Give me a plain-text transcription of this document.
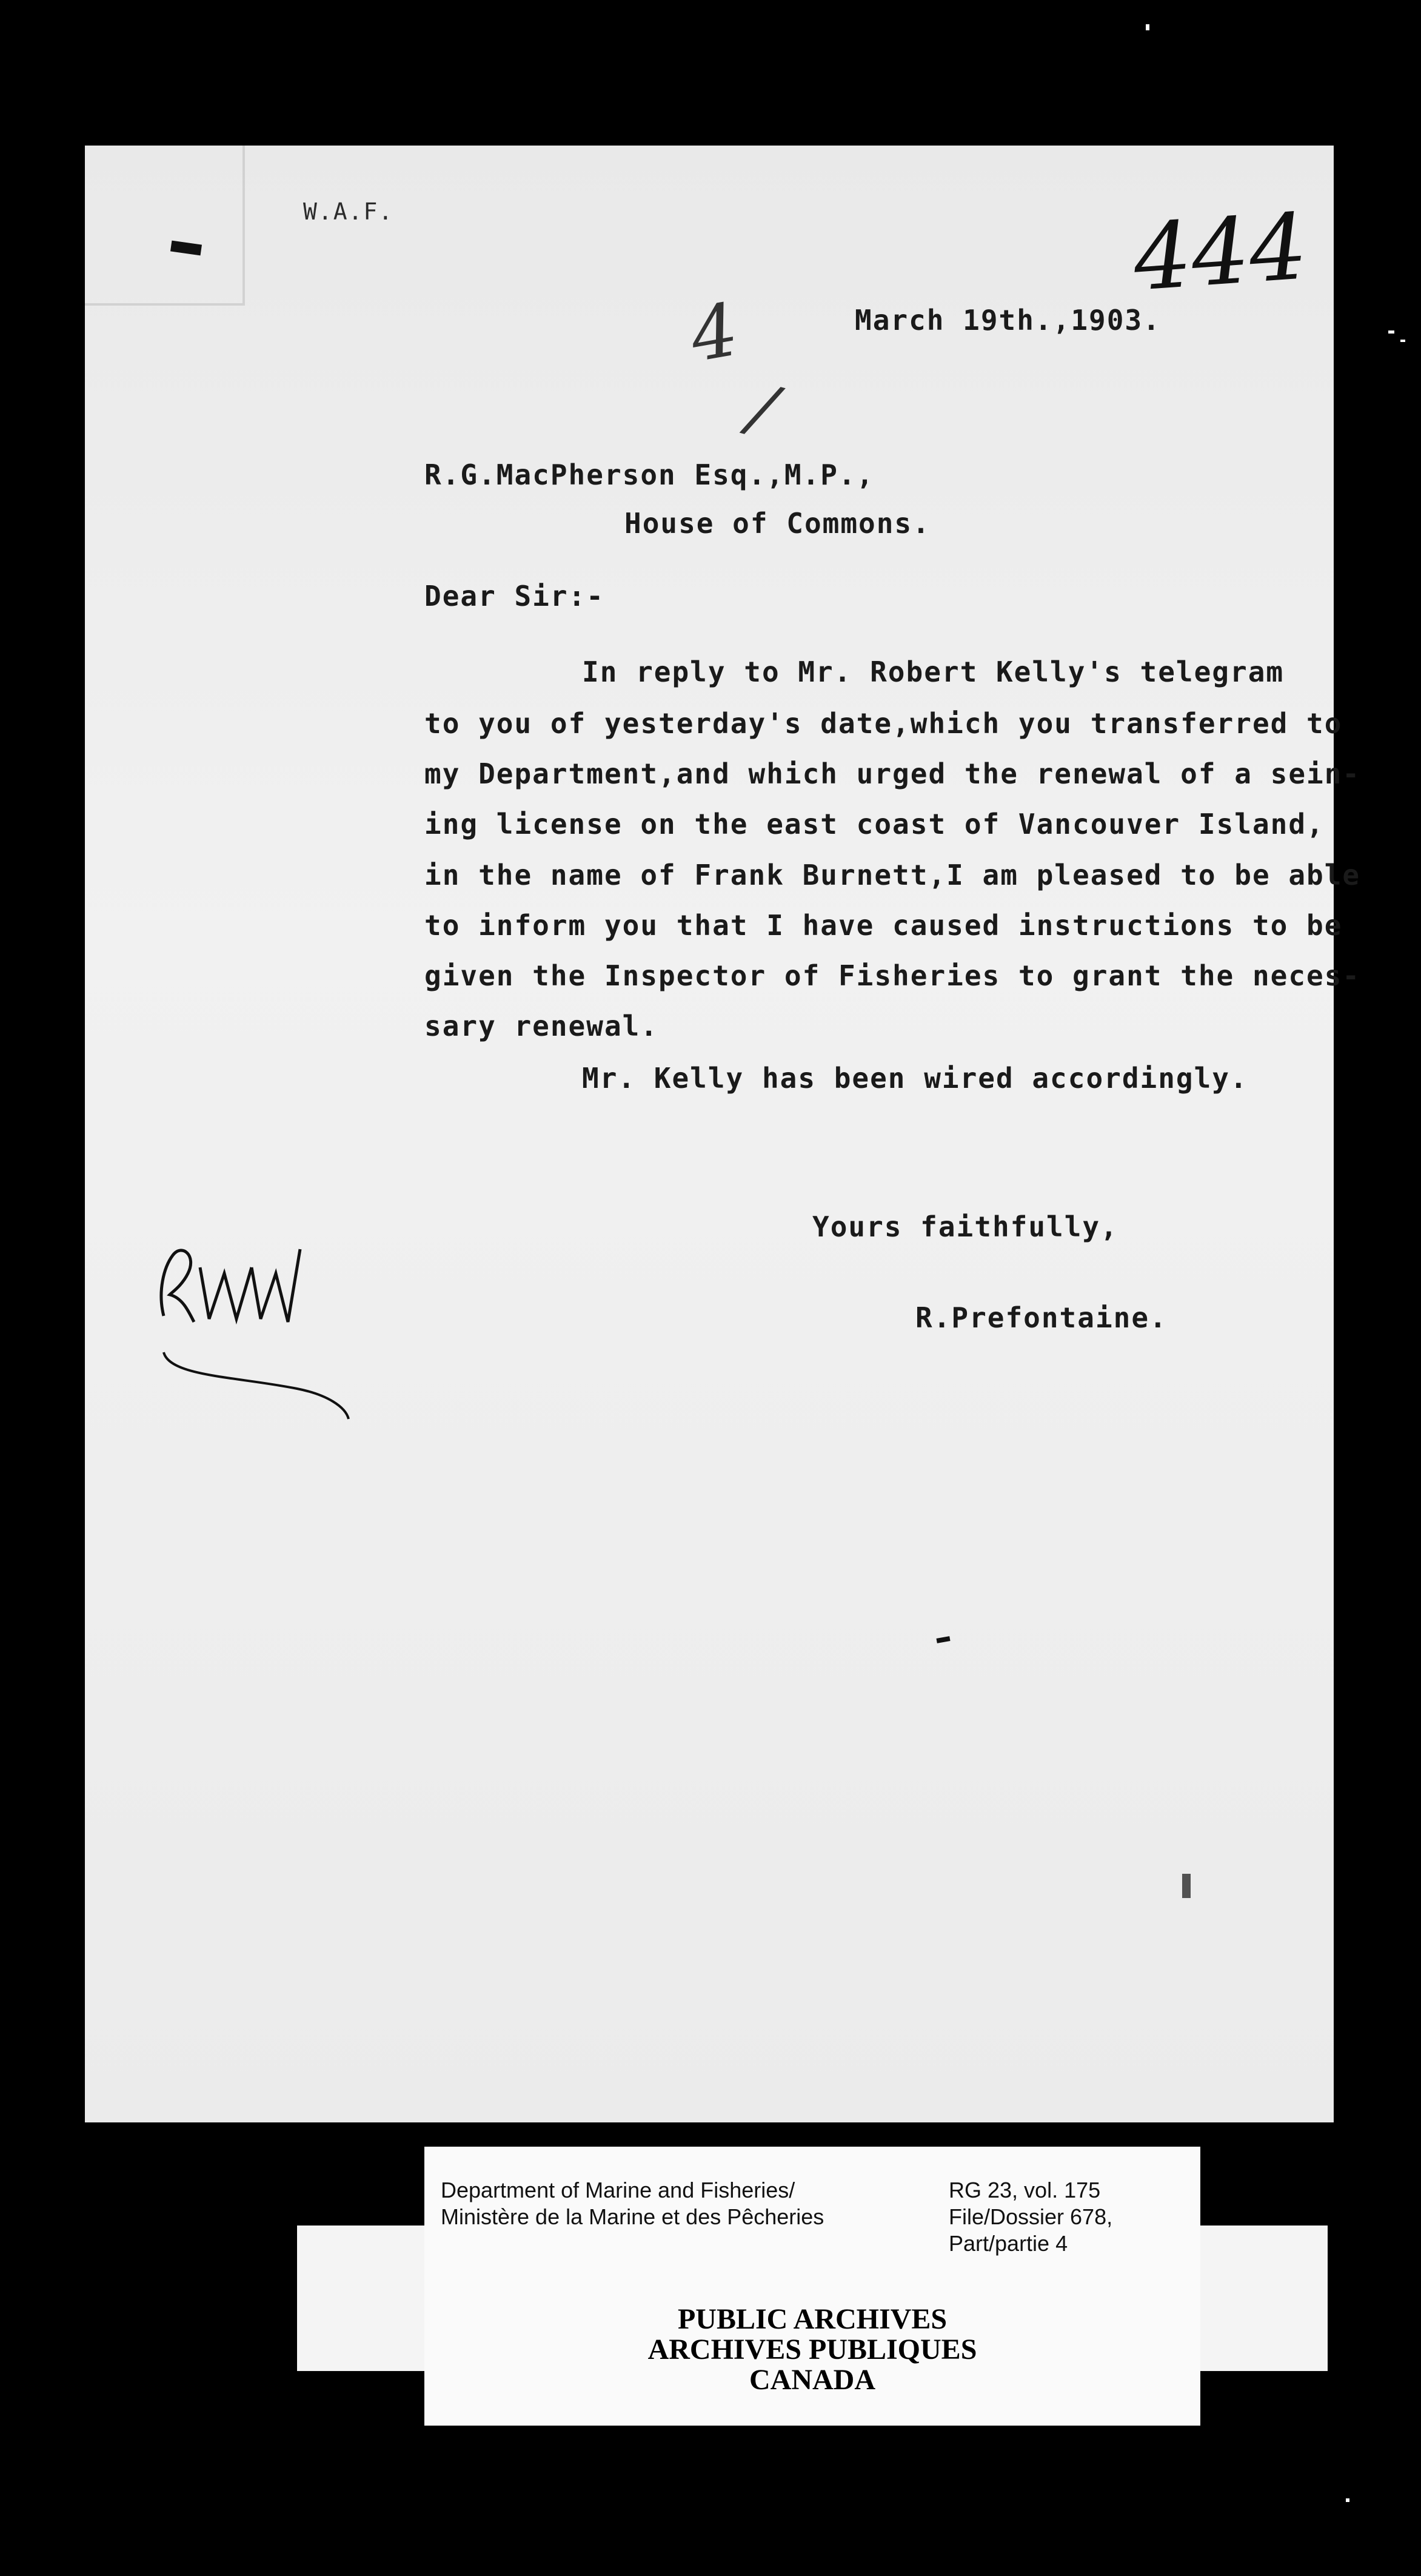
W.A.F.	444
4
/
March 19th.,1903.
R.G.MacPherson Esq.,M.P.,
House of Commons.
Dear Sir:-
In reply to Mr. Robert Kelly's telegram
to you of yesterday's date,which you transferred to
my Department,and which urged the renewal of a sein-
ing license on the east coast of Vancouver Island,
in the name of Frank Burnett,I am pleased to be able
to inform you that I have caused instructions to be
given the Inspector of Fisheries to grant the neces-
sary renewal.
Mr. Kelly has been wired accordingly.
Yours faithfully,
R.Prefontaine.
Department of Marine and Fisheries/
Ministère de la Marine et des Pêcheries
RG 23, vol. 175
File/Dossier 678,
Part/partie 4
PUBLIC ARCHIVES
ARCHIVES PUBLIQUES
CANADA
